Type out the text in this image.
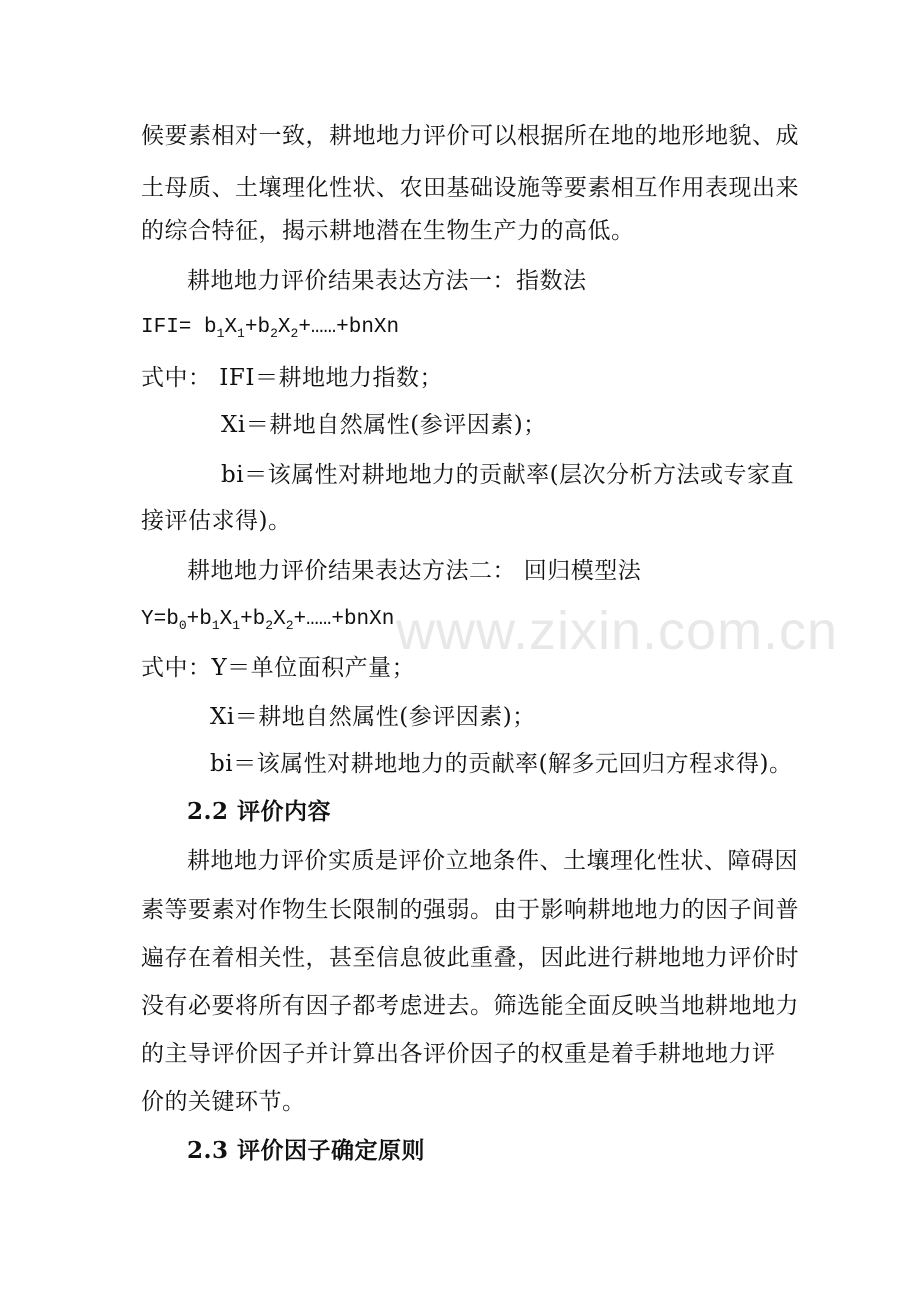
候要素相对一致，耕地地力评价可以根据所在地的地形地貌、成
土母质、土壤理化性状、农田基础设施等要素相互作用表现出来
的综合特征，揭示耕地潜在生物生产力的高低。
耕地地力评价结果表达方法一：指数法
$IFI= b_1X_1+b_2X_2+\dots\dots+bnXn$
式中： IFI＝耕地地力指数；
Xi＝耕地自然属性(参评因素)；
bi＝该属性对耕地地力的贡献率(层次分析方法或专家直
接评估求得)。
耕地地力评价结果表达方法二： 回归模型法
$Y=b_0+b_1X_1+b_2X_2+\dots\dots+bnXn$
式中：Y＝单位面积产量；
Xi＝耕地自然属性(参评因素)；
bi＝该属性对耕地地力的贡献率(解多元回归方程求得)。
2.2 评价内容
耕地地力评价实质是评价立地条件、土壤理化性状、障碍因
素等要素对作物生长限制的强弱。由于影响耕地地力的因子间普
遍存在着相关性，甚至信息彼此重叠，因此进行耕地地力评价时
没有必要将所有因子都考虑进去。筛选能全面反映当地耕地地力
的主导评价因子并计算出各评价因子的权重是着手耕地地力评
价的关键环节。
2.3 评价因子确定原则
www.zixin.com.cn
